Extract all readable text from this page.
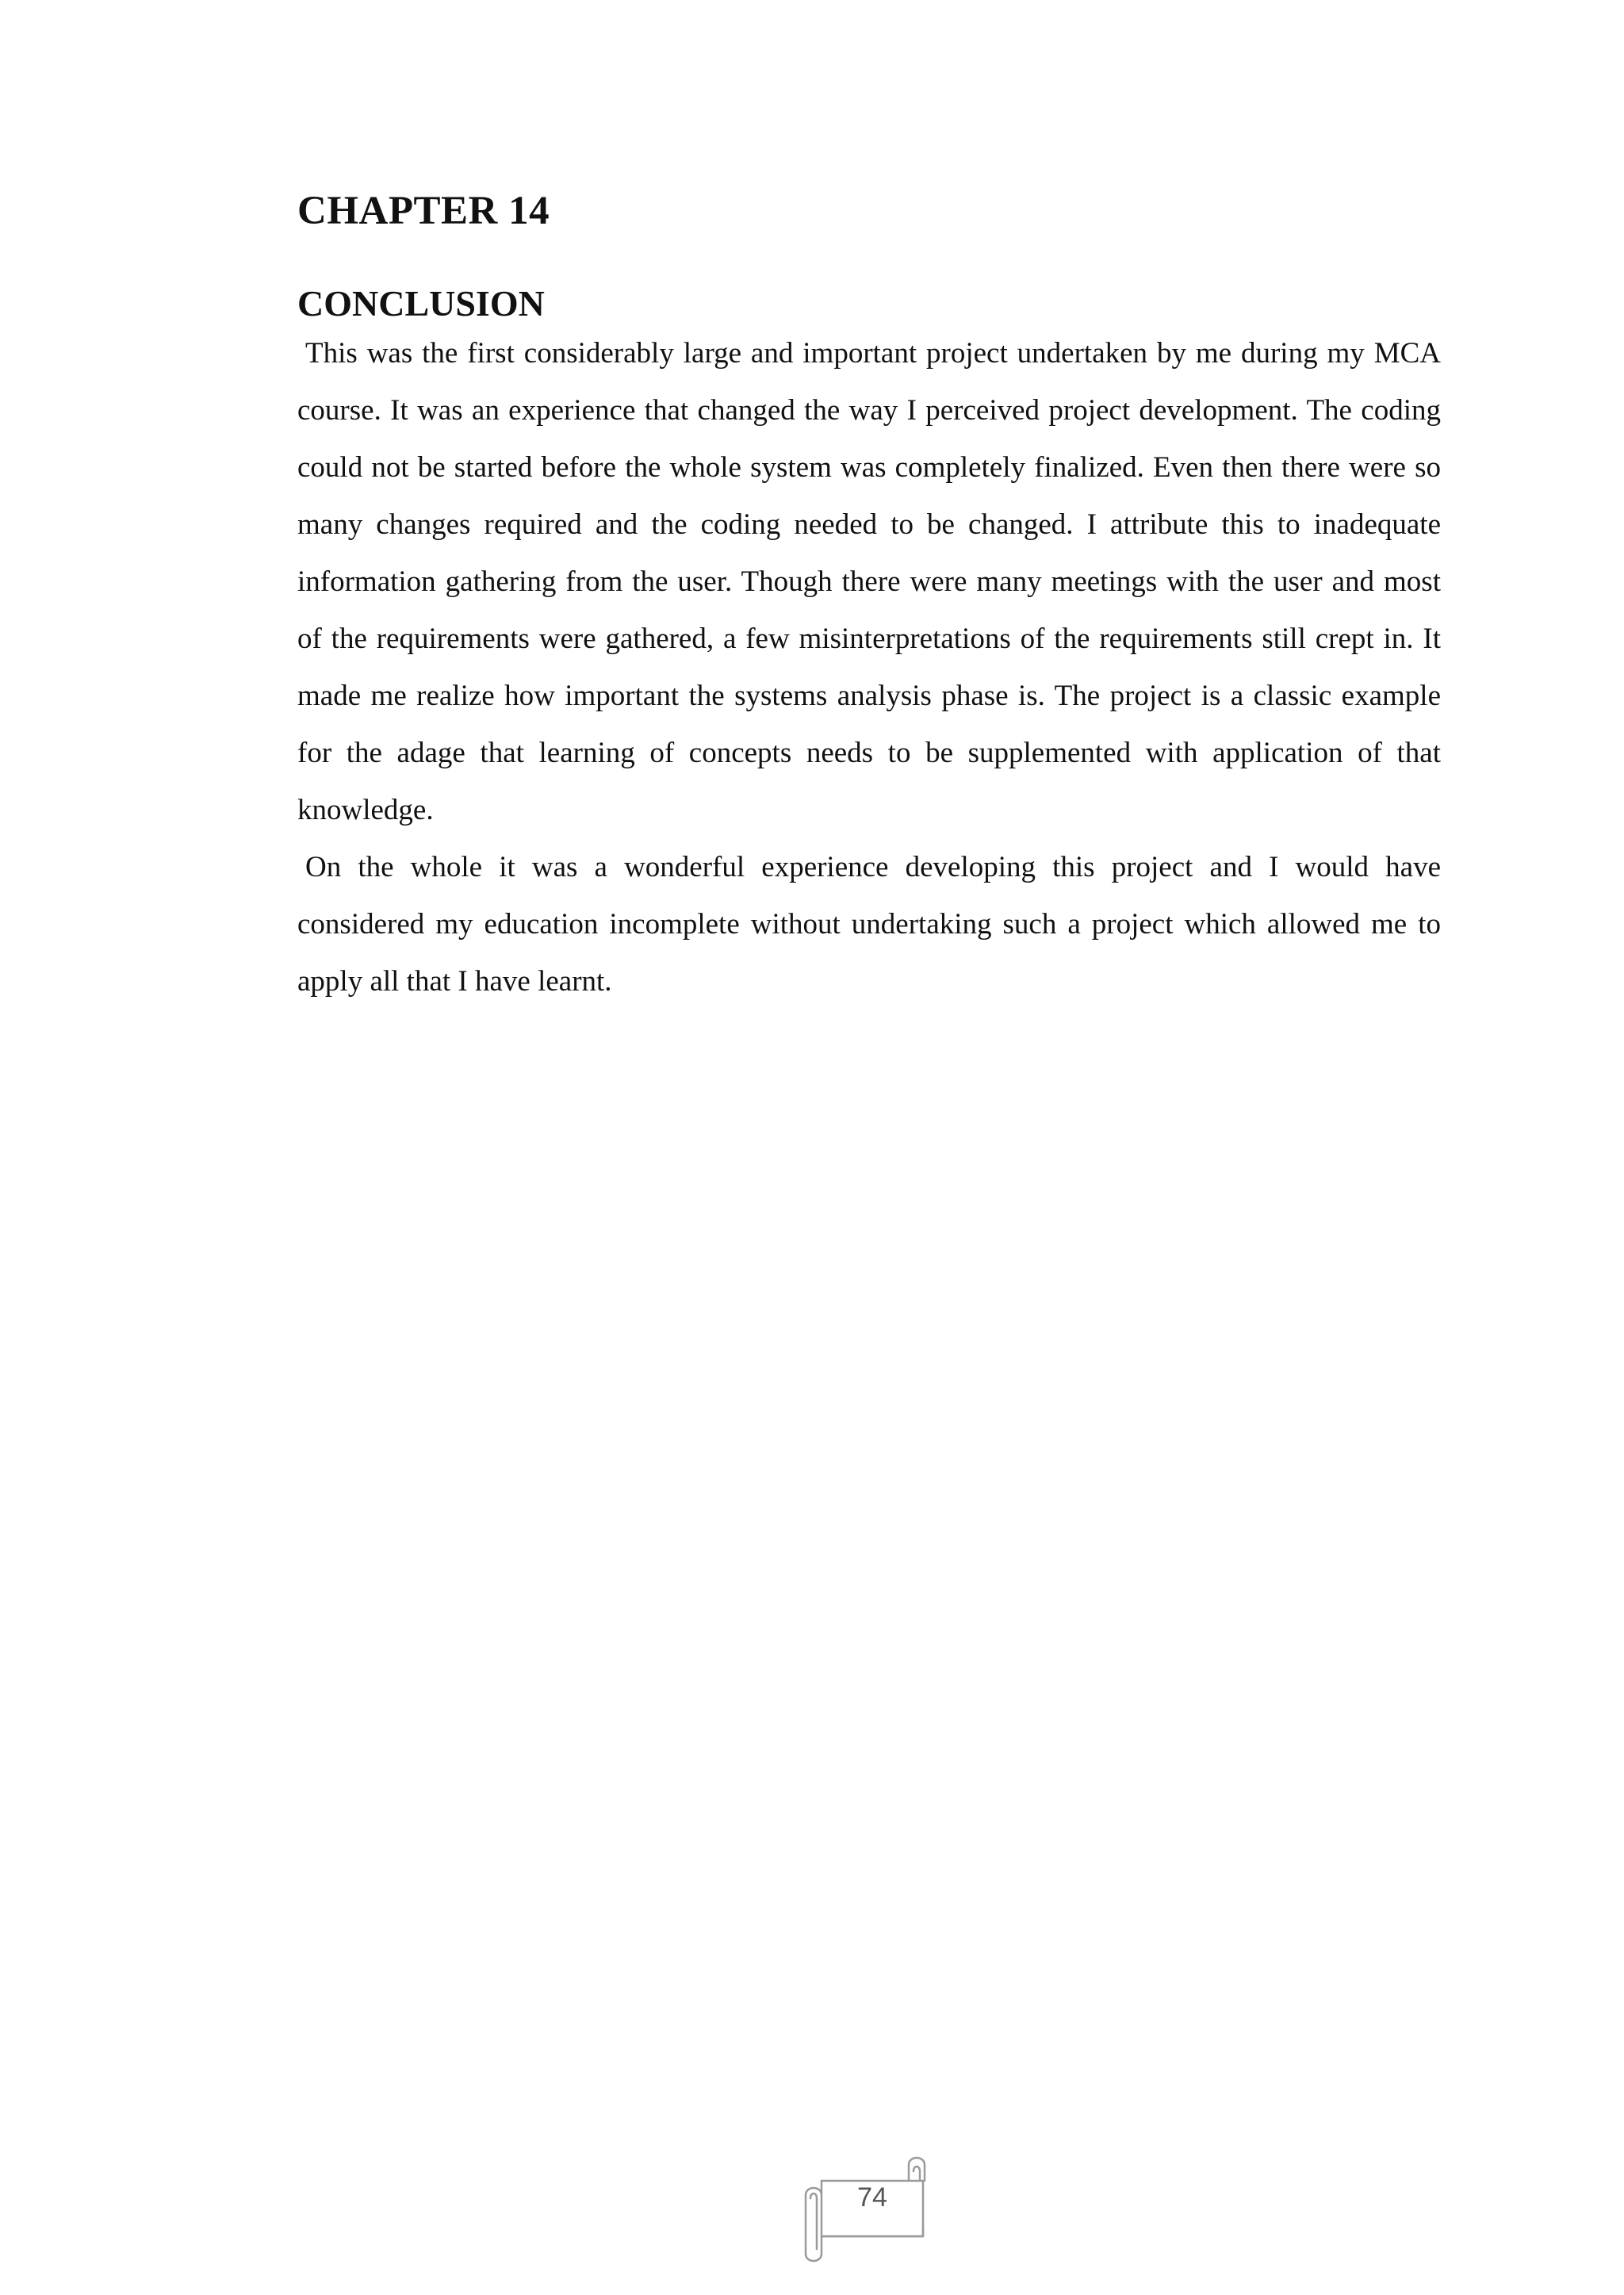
CHAPTER 14
CONCLUSION

This was the first considerably large and important project undertaken by me during my MCA course. It was an experience that changed the way I perceived project development. The coding could not be started before the whole system was completely finalized. Even then there were so many changes required and the coding needed to be changed. I attribute this to inadequate information gathering from the user. Though there were many meetings with the user and most of the requirements were gathered, a few misinterpretations of the requirements still crept in. It made me realize how important the systems analysis phase is. The project is a classic example for the adage that learning of concepts needs to be supplemented with application of that knowledge.

On the whole it was a wonderful experience developing this project and I would have considered my education incomplete without undertaking such a project which allowed me to apply all that I have learnt.

74
